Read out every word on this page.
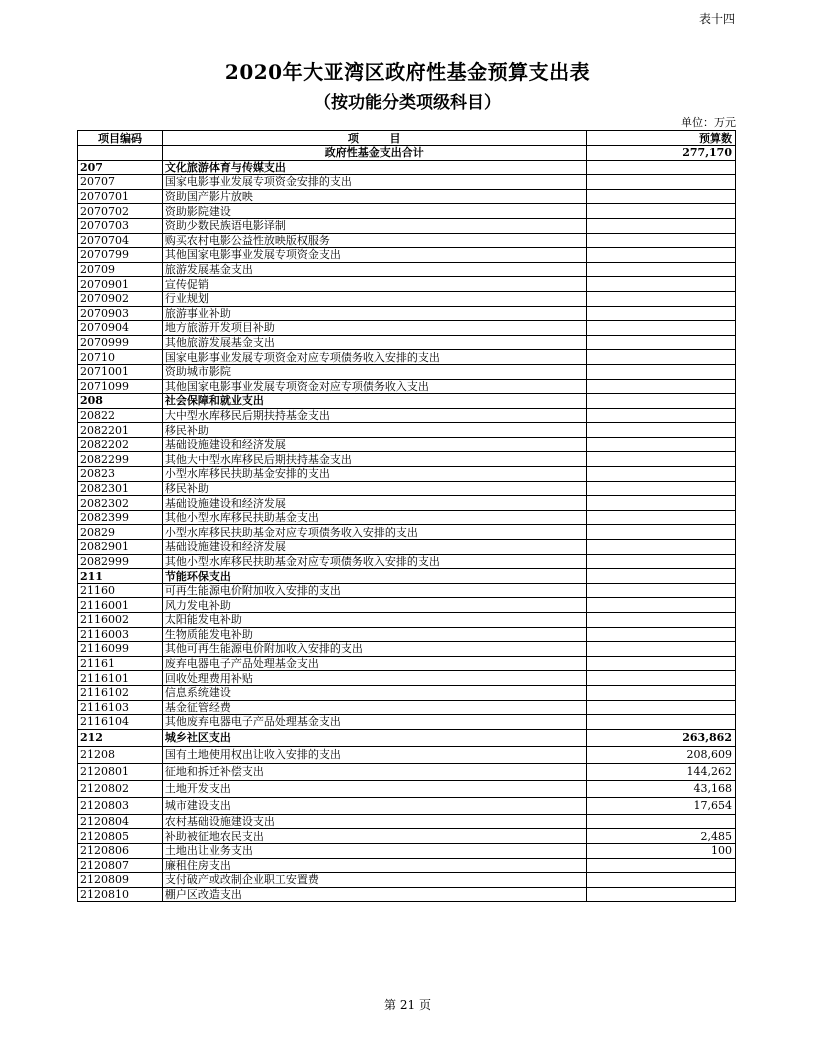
表十四
2020年大亚湾区政府性基金预算支出表
（按功能分类项级科目）
单位：万元
项目编码	项        目	预算数
	政府性基金支出合计	277,170
207	文化旅游体育与传媒支出	
20707	国家电影事业发展专项资金安排的支出	
2070701	资助国产影片放映	
2070702	资助影院建设	
2070703	资助少数民族语电影译制	
2070704	购买农村电影公益性放映版权服务	
2070799	其他国家电影事业发展专项资金支出	
20709	旅游发展基金支出	
2070901	宣传促销	
2070902	行业规划	
2070903	旅游事业补助	
2070904	地方旅游开发项目补助	
2070999	其他旅游发展基金支出	
20710	国家电影事业发展专项资金对应专项债务收入安排的支出	
2071001	资助城市影院	
2071099	其他国家电影事业发展专项资金对应专项债务收入支出	
208	社会保障和就业支出	
20822	大中型水库移民后期扶持基金支出	
2082201	移民补助	
2082202	基础设施建设和经济发展	
2082299	其他大中型水库移民后期扶持基金支出	
20823	小型水库移民扶助基金安排的支出	
2082301	移民补助	
2082302	基础设施建设和经济发展	
2082399	其他小型水库移民扶助基金支出	
20829	小型水库移民扶助基金对应专项债务收入安排的支出	
2082901	基础设施建设和经济发展	
2082999	其他小型水库移民扶助基金对应专项债务收入安排的支出	
211	节能环保支出	
21160	可再生能源电价附加收入安排的支出	
2116001	风力发电补助	
2116002	太阳能发电补助	
2116003	生物质能发电补助	
2116099	其他可再生能源电价附加收入安排的支出	
21161	废弃电器电子产品处理基金支出	
2116101	回收处理费用补贴	
2116102	信息系统建设	
2116103	基金征管经费	
2116104	其他废弃电器电子产品处理基金支出	
212	城乡社区支出	263,862
21208	国有土地使用权出让收入安排的支出	208,609
2120801	征地和拆迁补偿支出	144,262
2120802	土地开发支出	43,168
2120803	城市建设支出	17,654
2120804	农村基础设施建设支出	
2120805	补助被征地农民支出	2,485
2120806	土地出让业务支出	100
2120807	廉租住房支出	
2120809	支付破产或改制企业职工安置费	
2120810	棚户区改造支出	
第 21 页
